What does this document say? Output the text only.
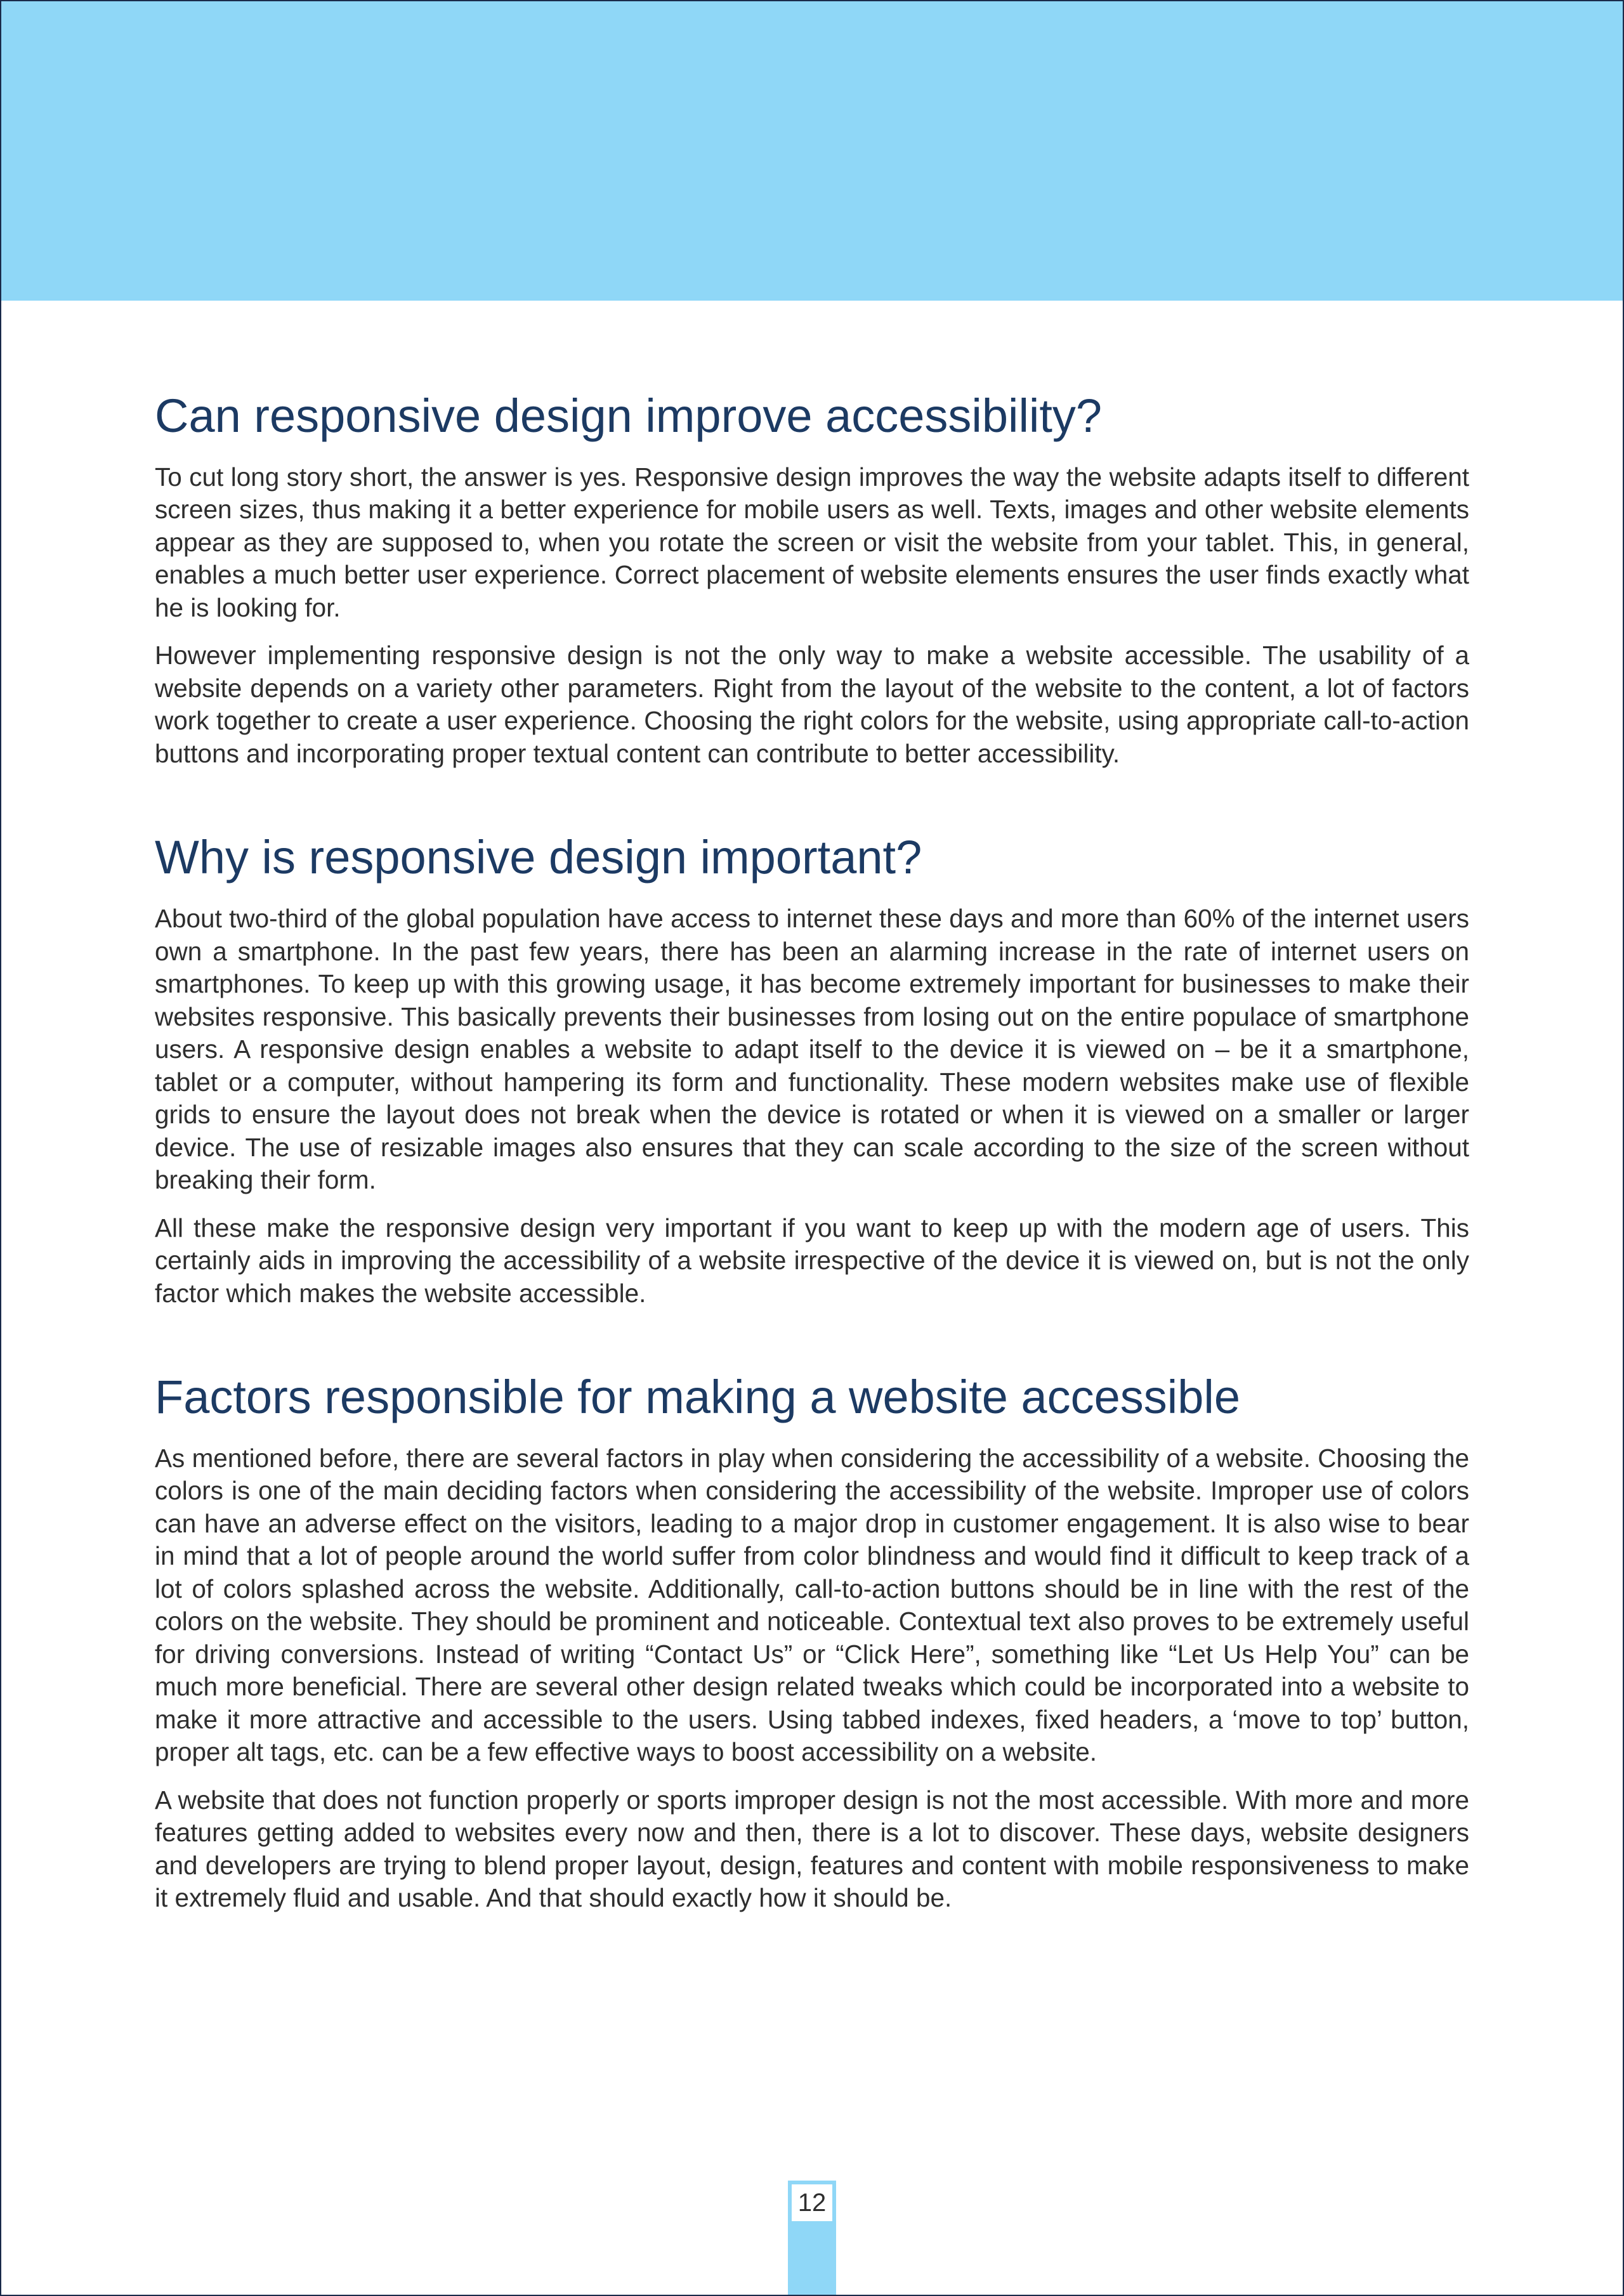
Can responsive design improve accessibility?

To cut long story short, the answer is yes. Responsive design improves the way the website adapts itself to different screen sizes, thus making it a better experience for mobile users as well. Texts, images and other website elements appear as they are supposed to, when you rotate the screen or visit the website from your tablet. This, in general, enables a much better user experience. Correct placement of website elements ensures the user finds exactly what he is looking for.

However implementing responsive design is not the only way to make a website accessible. The usability of a website depends on a variety other parameters. Right from the layout of the website to the content, a lot of factors work together to create a user experience. Choosing the right colors for the website, using appropriate call-to-action buttons and incorporating proper textual content can contribute to better accessibility.

Why is responsive design important?

About two-third of the global population have access to internet these days and more than 60% of the internet users own a smartphone. In the past few years, there has been an alarming increase in the rate of internet users on smartphones. To keep up with this growing usage, it has become extremely important for businesses to make their websites responsive. This basically prevents their businesses from losing out on the entire populace of smartphone users. A responsive design enables a website to adapt itself to the device it is viewed on – be it a smartphone, tablet or a computer, without hampering its form and functionality. These modern websites make use of flexible grids to ensure the layout does not break when the device is rotated or when it is viewed on a smaller or larger device. The use of resizable images also ensures that they can scale according to the size of the screen without breaking their form.

All these make the responsive design very important if you want to keep up with the modern age of users. This certainly aids in improving the accessibility of a website irrespective of the device it is viewed on, but is not the only factor which makes the website accessible.

Factors responsible for making a website accessible

As mentioned before, there are several factors in play when considering the accessibility of a website. Choosing the colors is one of the main deciding factors when considering the accessibility of the website. Improper use of colors can have an adverse effect on the visitors, leading to a major drop in customer engagement. It is also wise to bear in mind that a lot of people around the world suffer from color blindness and would find it difficult to keep track of a lot of colors splashed across the website. Additionally, call-to-action buttons should be in line with the rest of the colors on the website. They should be prominent and noticeable. Contextual text also proves to be extremely useful for driving conversions. Instead of writing “Contact Us” or “Click Here”, something like “Let Us Help You” can be much more beneficial. There are several other design related tweaks which could be incorporated into a website to make it more attractive and accessible to the users. Using tabbed indexes, fixed headers, a ‘move to top’ button, proper alt tags, etc. can be a few effective ways to boost accessibility on a website.

A website that does not function properly or sports improper design is not the most accessible. With more and more features getting added to websites every now and then, there is a lot to discover. These days, website designers and developers are trying to blend proper layout, design, features and content with mobile responsiveness to make it extremely fluid and usable. And that should exactly how it should be.

12
